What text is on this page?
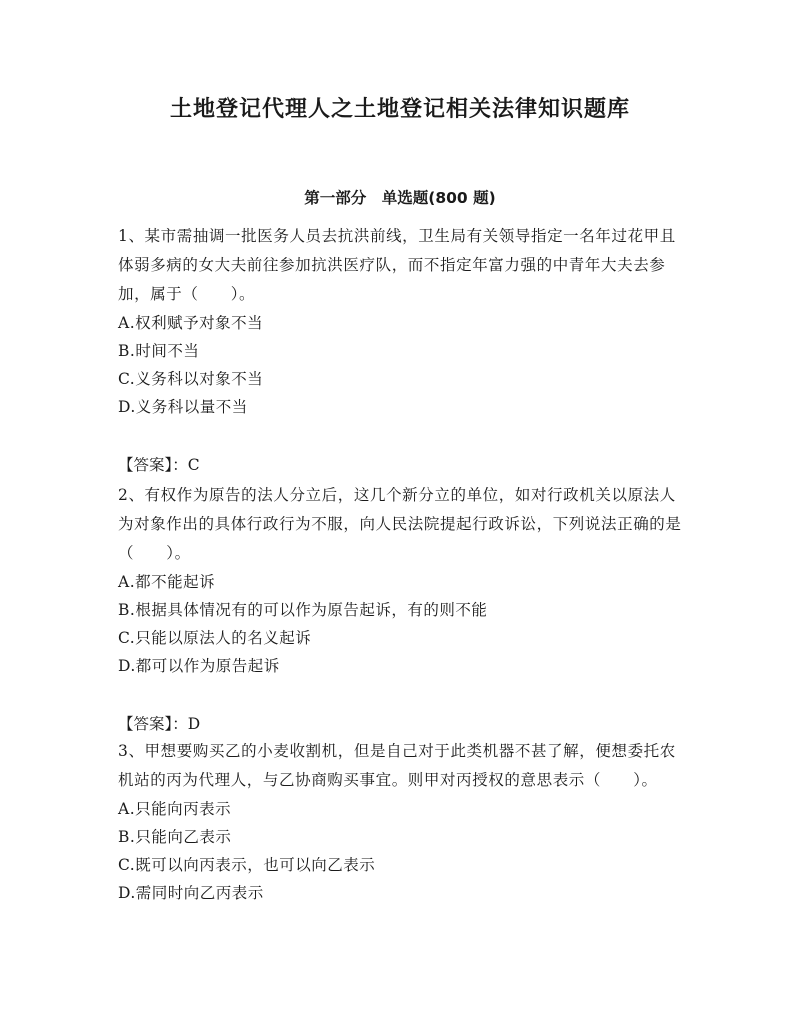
土地登记代理人之土地登记相关法律知识题库
第一部分　单选题(800 题)

1、某市需抽调一批医务人员去抗洪前线，卫生局有关领导指定一名年过花甲且体弱多病的女大夫前往参加抗洪医疗队，而不指定年富力强的中青年大夫去参加，属于（　　）。

A.权利赋予对象不当

B.时间不当

C.义务科以对象不当

D.义务科以量不当

【答案】：C

2、有权作为原告的法人分立后，这几个新分立的单位，如对行政机关以原法人为对象作出的具体行政行为不服，向人民法院提起行政诉讼，下列说法正确的是（　　）。

A.都不能起诉

B.根据具体情况有的可以作为原告起诉，有的则不能

C.只能以原法人的名义起诉

D.都可以作为原告起诉

【答案】：D

3、甲想要购买乙的小麦收割机，但是自己对于此类机器不甚了解，便想委托农机站的丙为代理人，与乙协商购买事宜。则甲对丙授权的意思表示（　　）。

A.只能向丙表示

B.只能向乙表示

C.既可以向丙表示，也可以向乙表示

D.需同时向乙丙表示
